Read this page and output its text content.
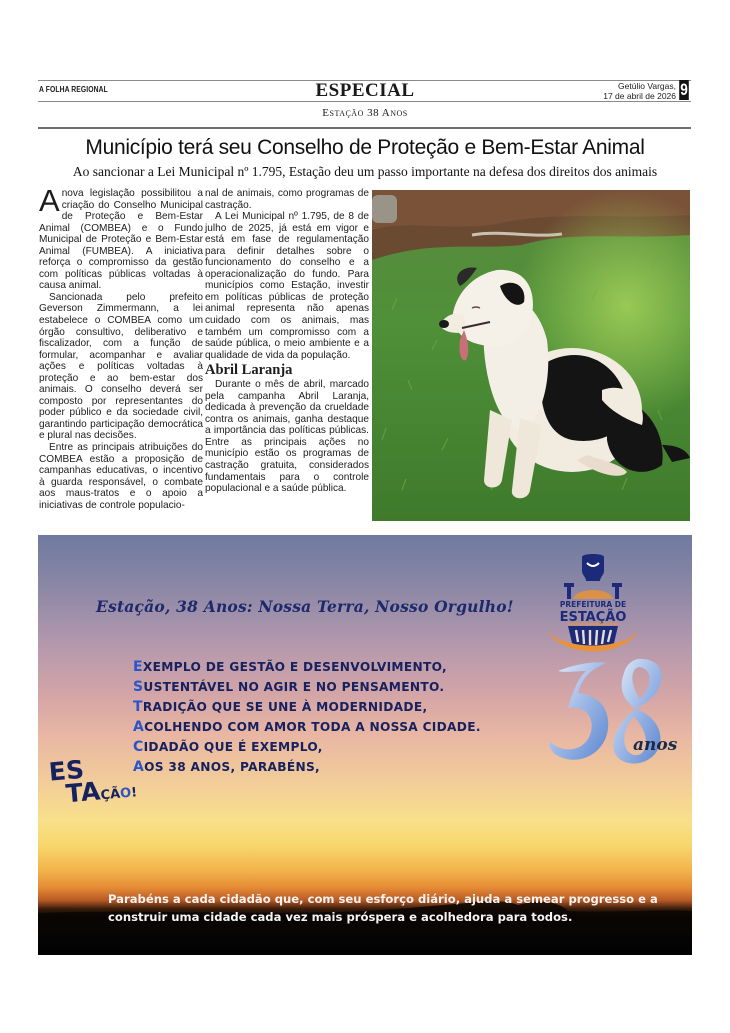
A FOLHA REGIONAL	ESPECIAL	Getúlio Vargas,
17 de abril de 2026 9
Estação 38 Anos
Município terá seu Conselho de Proteção e Bem-Estar Animal
Ao sancionar a Lei Municipal nº 1.795, Estação deu um passo importante na defesa dos direitos dos animais

Anova legislação possibilitou a criação do Conselho Municipal de Proteção e Bem-Estar Animal (COMBEA) e o Fundo Municipal de Proteção e Bem-Estar Animal (FUMBEA). A iniciativa reforça o compromisso da gestão com políticas públicas voltadas à causa animal.

Sancionada pelo prefeito Geverson Zimmermann, a lei estabelece o COMBEA como um órgão consultivo, deliberativo e fiscalizador, com a função de formular, acompanhar e avaliar ações e políticas voltadas à proteção e ao bem-estar dos animais. O conselho deverá ser composto por representantes do poder público e da sociedade civil, garantindo participação democrática e plural nas decisões.

Entre as principais atribuições do COMBEA estão a proposição de campanhas educativas, o incentivo à guarda responsável, o combate aos maus-tratos e o apoio a iniciativas de controle populacio-

nal de animais, como programas de castração.

A Lei Municipal nº 1.795, de 8 de julho de 2025, já está em vigor e está em fase de regulamentação para definir detalhes sobre o funcionamento do conselho e a operacionalização do fundo. Para municípios como Estação, investir em políticas públicas de proteção animal representa não apenas cuidado com os animais, mas também um compromisso com a saúde pública, o meio ambiente e a qualidade de vida da população.

Abril Laranja

Durante o mês de abril, marcado pela campanha Abril Laranja, dedicada à prevenção da crueldade contra os animais, ganha destaque a importância das políticas públicas. Entre as principais ações no município estão os programas de castração gratuita, considerados fundamentais para o controle populacional e a saúde pública.

Estação, 38 Anos: Nossa Terra, Nosso Orgulho!	PREFEITURA DE
ESTAÇÃO
anos
EXEMPLO DE GESTÃO E DESENVOLVIMENTO,
SUSTENTÁVEL NO AGIR E NO PENSAMENTO.
TRADIÇÃO QUE SE UNE À MODERNIDADE,
ACOLHENDO COM AMOR TODA A NOSSA CIDADE.
CIDADÃO QUE É EXEMPLO,
AOS 38 ANOS, PARABÉNS,
ES
TAÇÃO!
Parabéns a cada cidadão que, com seu esforço diário, ajuda a semear progresso e a construir uma cidade cada vez mais próspera e acolhedora para todos.
